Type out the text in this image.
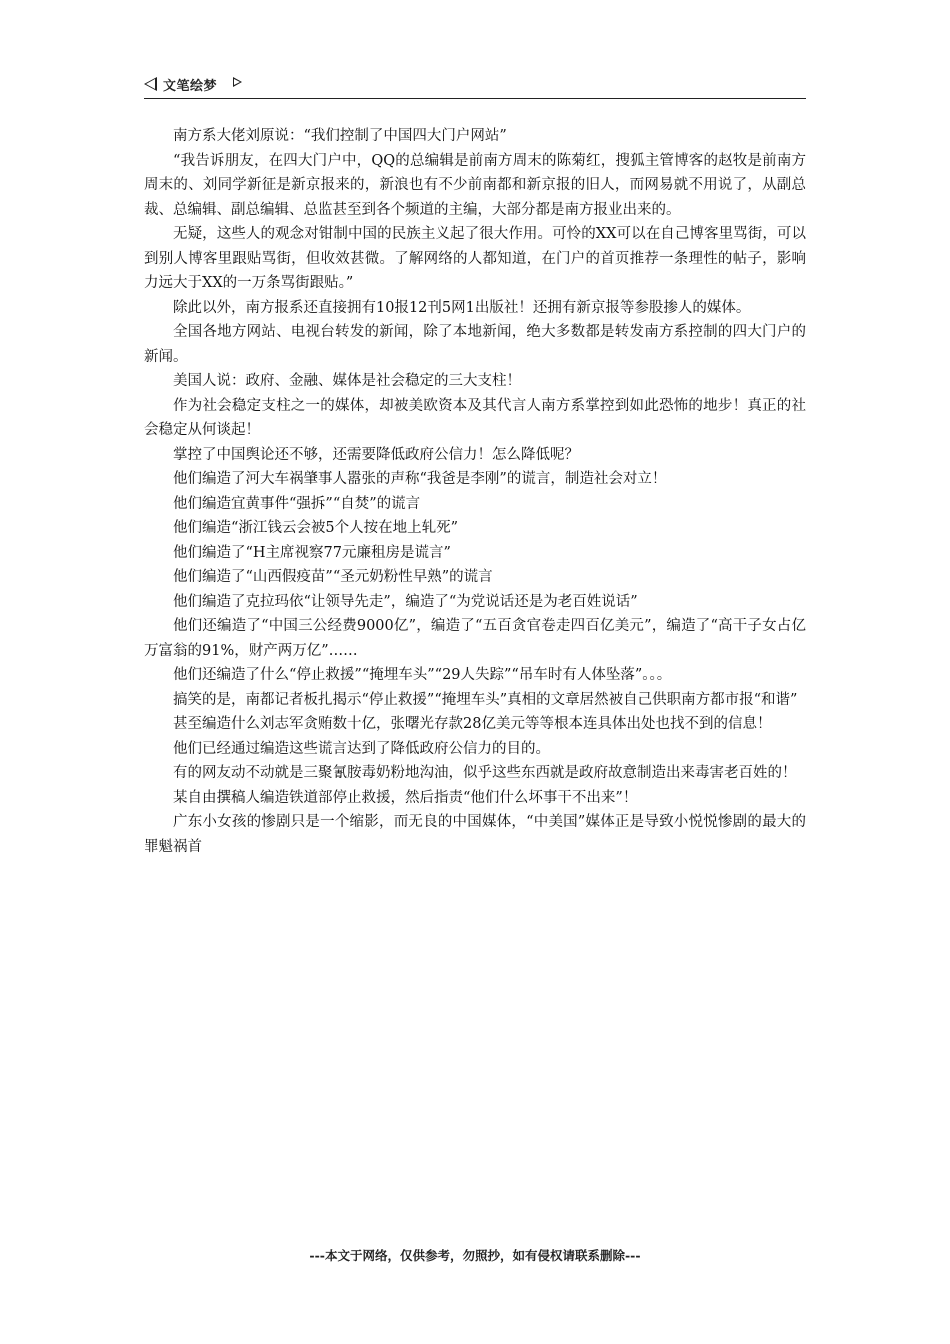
文笔绘梦

南方系大佬刘原说：“我们控制了中国四大门户网站”

“我告诉朋友，在四大门户中，QQ的总编辑是前南方周末的陈菊红，搜狐主管博客的赵牧是前南方周末的、刘同学新征是新京报来的，新浪也有不少前南都和新京报的旧人，而网易就不用说了，从副总裁、总编辑、副总编辑、总监甚至到各个频道的主编，大部分都是南方报业出来的。

无疑，这些人的观念对钳制中国的民族主义起了很大作用。可怜的XX可以在自己博客里骂街，可以到别人博客里跟贴骂街，但收效甚微。了解网络的人都知道，在门户的首页推荐一条理性的帖子，影响力远大于XX的一万条骂街跟贴。”

除此以外，南方报系还直接拥有10报12刊5网1出版社！还拥有新京报等参股掺人的媒体。

全国各地方网站、电视台转发的新闻，除了本地新闻，绝大多数都是转发南方系控制的四大门户的新闻。

美国人说：政府、金融、媒体是社会稳定的三大支柱！

作为社会稳定支柱之一的媒体，却被美欧资本及其代言人南方系掌控到如此恐怖的地步！真正的社会稳定从何谈起！

掌控了中国舆论还不够，还需要降低政府公信力！怎么降低呢？

他们编造了河大车祸肇事人嚣张的声称“我爸是李刚”的谎言，制造社会对立！

他们编造宜黄事件“强拆”“自焚”的谎言

他们编造“浙江钱云会被5个人按在地上轧死”

他们编造了“H主席视察77元廉租房是谎言”

他们编造了“山西假疫苗”“圣元奶粉性早熟”的谎言

他们编造了克拉玛依“让领导先走”，编造了“为党说话还是为老百姓说话”

他们还编造了“中国三公经费9000亿”，编造了“五百贪官卷走四百亿美元”，编造了“高干子女占亿万富翁的91%，财产两万亿”……

他们还编造了什么“停止救援”“掩埋车头”“29人失踪”“吊车时有人体坠落”。。。

搞笑的是，南都记者板扎揭示“停止救援”“掩埋车头”真相的文章居然被自己供职南方都市报“和谐”

甚至编造什么刘志军贪贿数十亿，张曙光存款28亿美元等等根本连具体出处也找不到的信息！

他们已经通过编造这些谎言达到了降低政府公信力的目的。

有的网友动不动就是三聚氰胺毒奶粉地沟油，似乎这些东西就是政府故意制造出来毒害老百姓的！

某自由撰稿人编造铁道部停止救援，然后指责“他们什么坏事干不出来”！

广东小女孩的惨剧只是一个缩影，而无良的中国媒体，“中美国”媒体正是导致小悦悦惨剧的最大的罪魁祸首

---本文于网络，仅供参考，勿照抄，如有侵权请联系删除---
